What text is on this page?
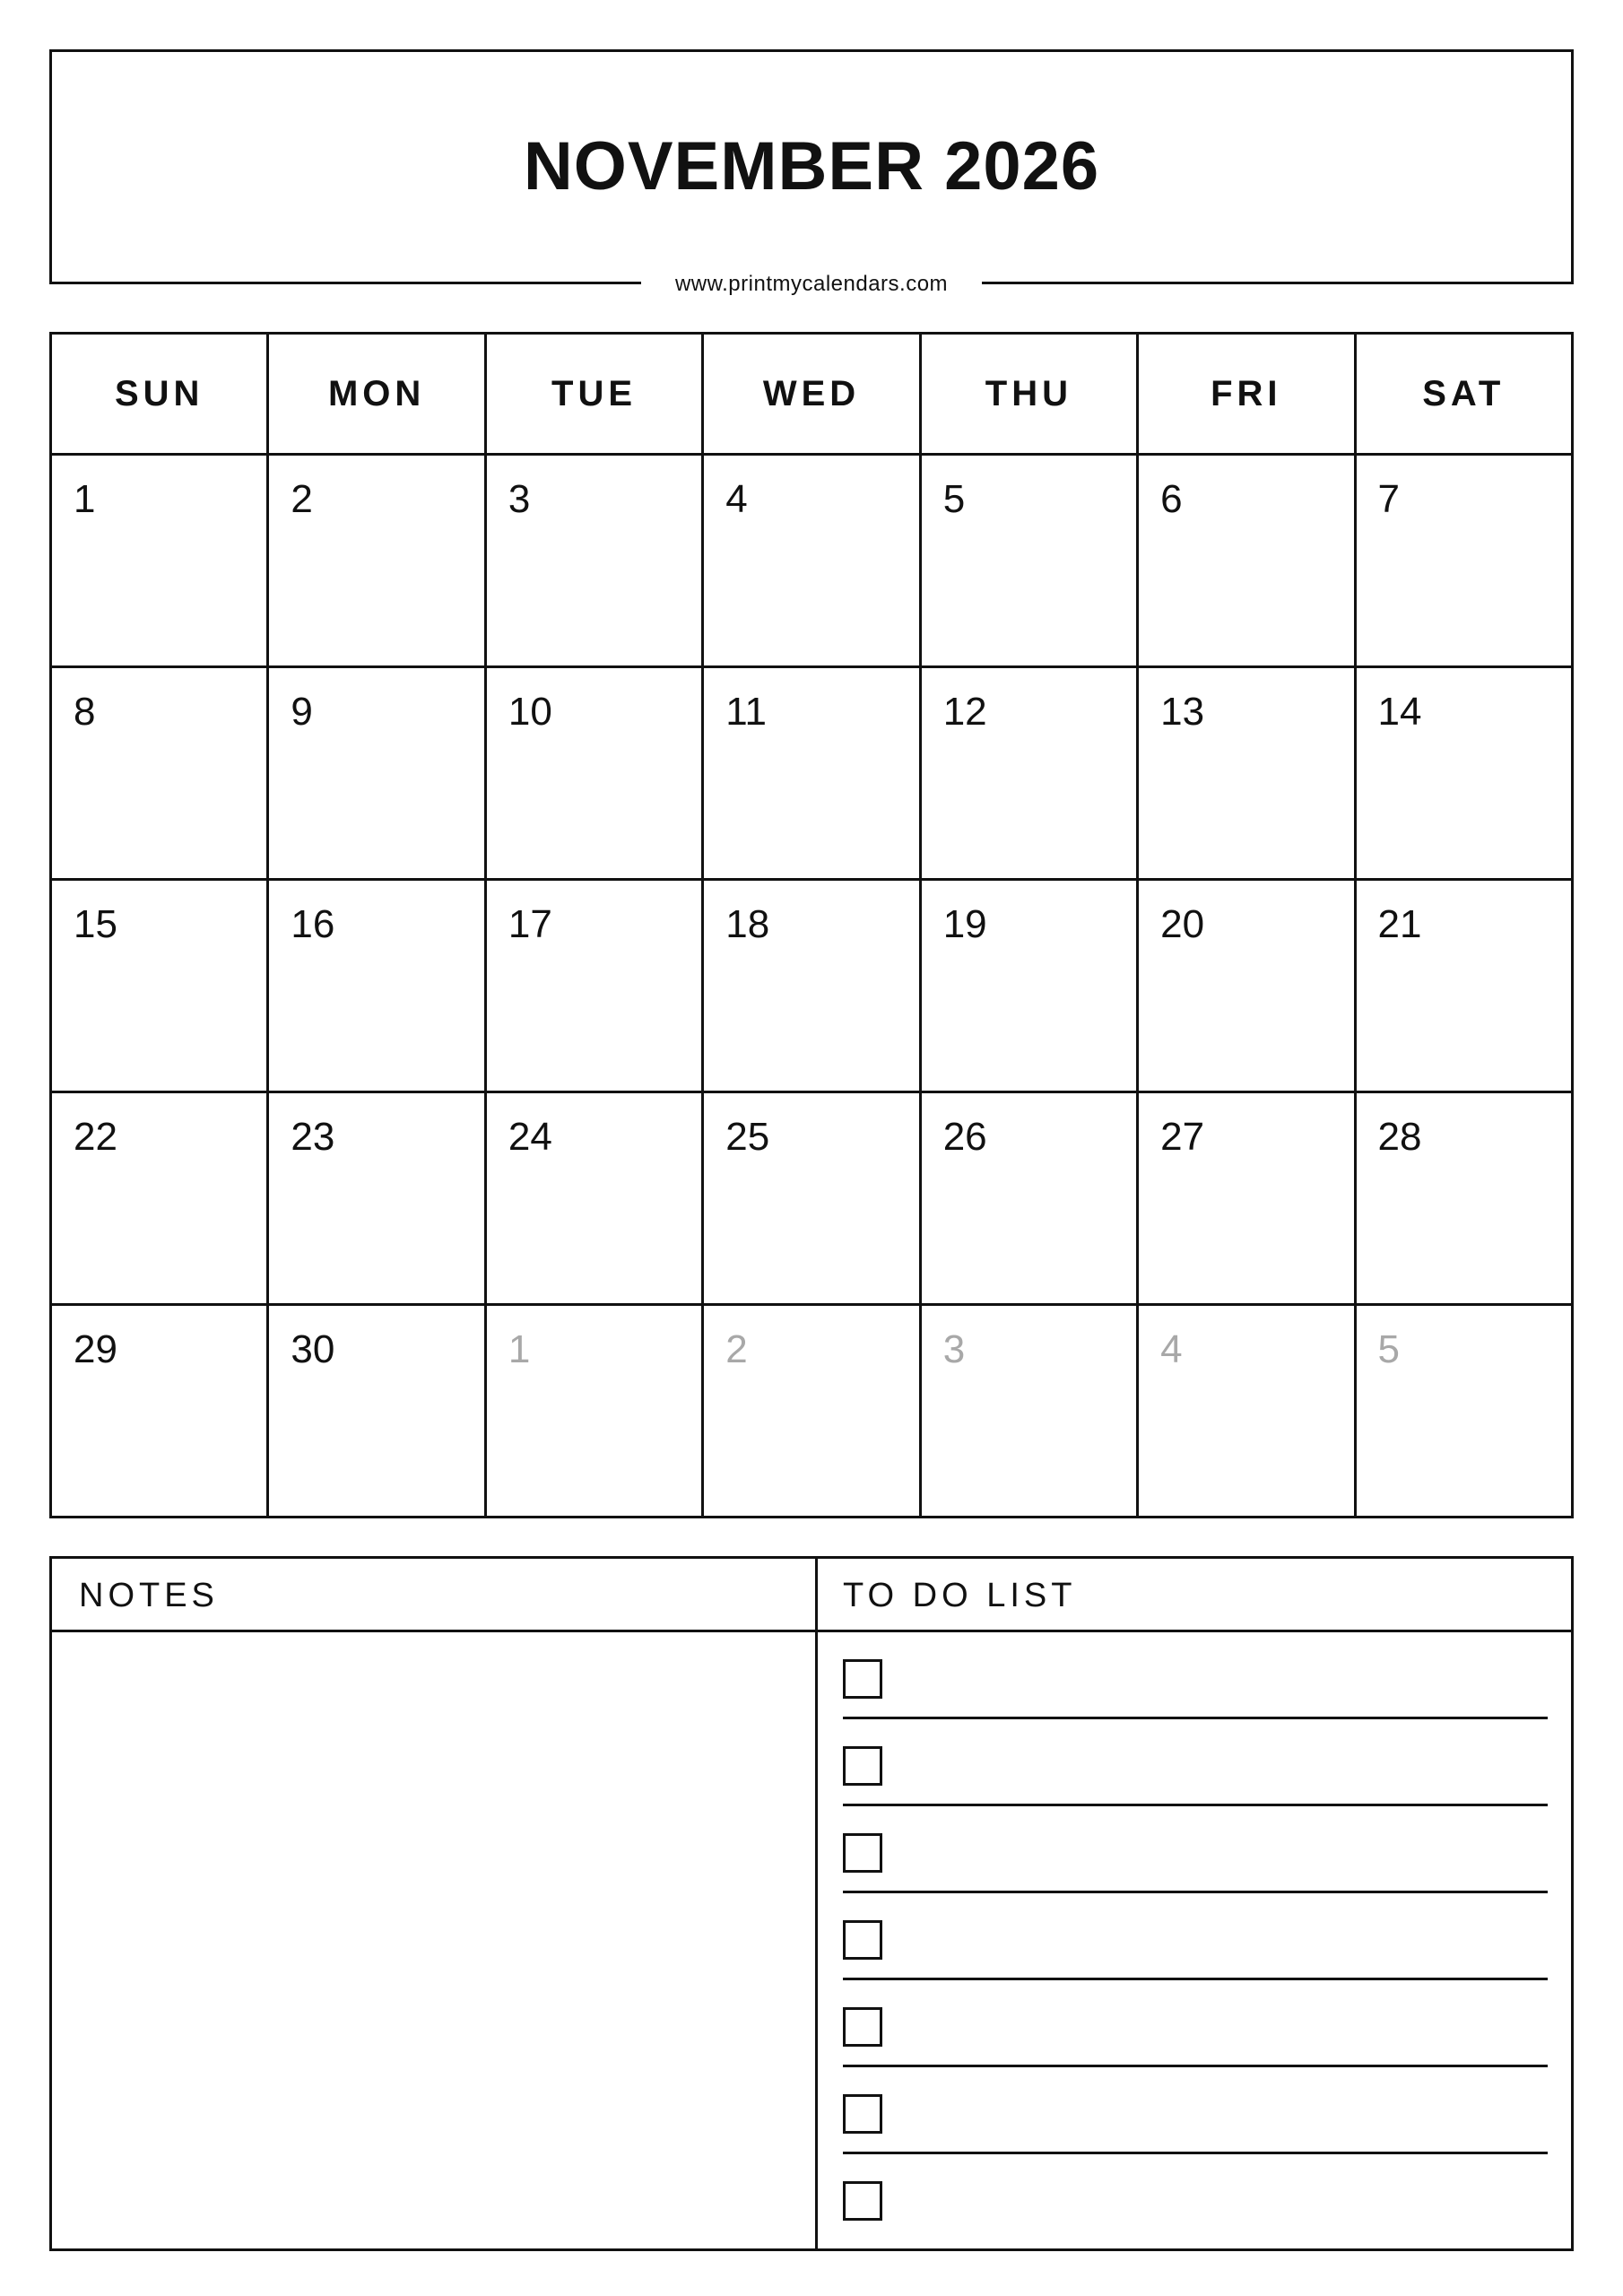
NOVEMBER 2026
www.printmycalendars.com
SUN	MON	TUE	WED	THU	FRI	SAT

1	2	3	4	5	6	7

8	9	10	11	12	13	14

15	16	17	18	19	20	21

22	23	24	25	26	27	28

29	30	1	2	3	4	5
NOTES	TO DO LIST
